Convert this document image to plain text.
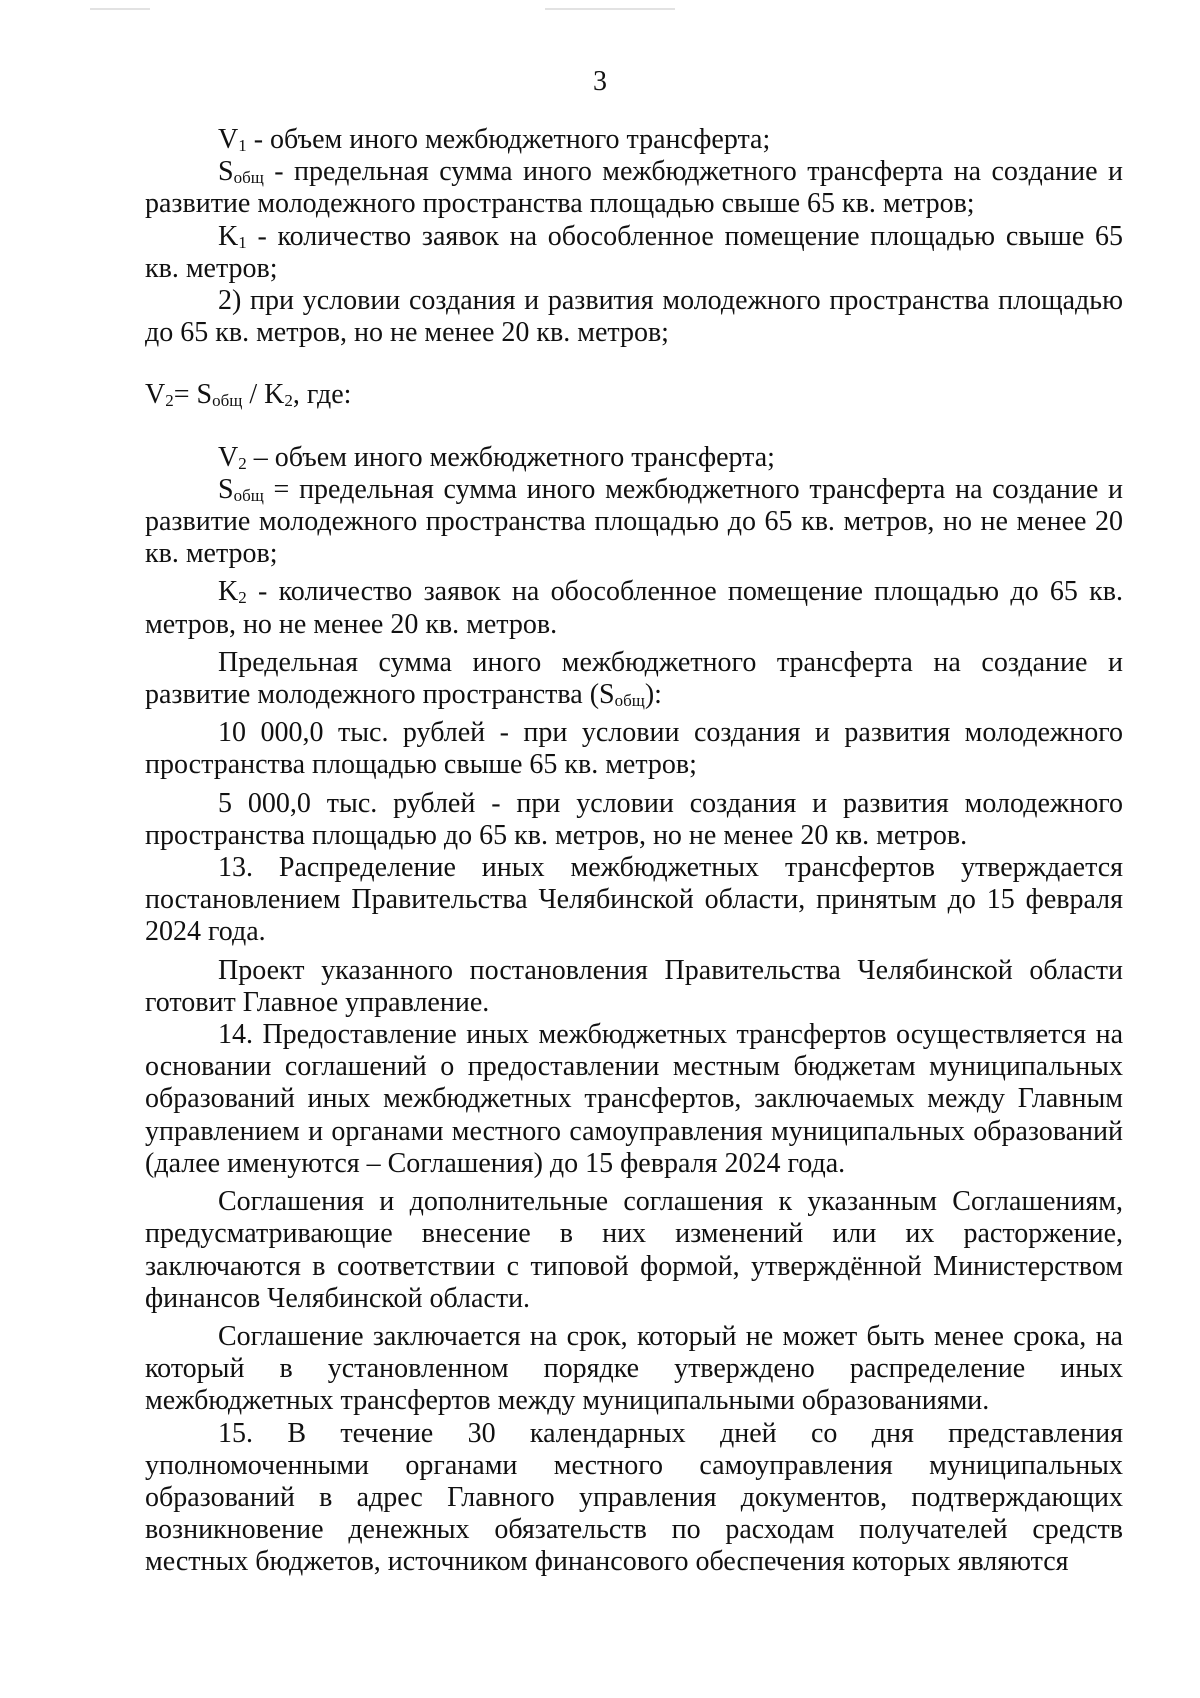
3

$V_1$ - объем иного межбюджетного трансферта;

$S_{общ}$ - предельная сумма иного межбюджетного трансферта на создание и развитие молодежного пространства площадью свыше 65 кв. метров;

$K_1$ - количество заявок на обособленное помещение площадью свыше 65 кв. метров;

2) при условии создания и развития молодежного пространства площадью до 65 кв. метров, но не менее 20 кв. метров;

$V_2= S_{общ} / K_2$, где:

$V_2$ – объем иного межбюджетного трансферта;

$S_{общ}$ = предельная сумма иного межбюджетного трансферта на создание и развитие молодежного пространства площадью до 65 кв. метров, но не менее 20 кв. метров;

$K_2$ - количество заявок на обособленное помещение площадью до 65 кв. метров, но не менее 20 кв. метров.

Предельная сумма иного межбюджетного трансферта на создание и развитие молодежного пространства $(S_{общ})$:

10 000,0 тыс. рублей - при условии создания и развития молодежного пространства площадью свыше 65 кв. метров;

5 000,0 тыс. рублей - при условии создания и развития молодежного пространства площадью до 65 кв. метров, но не менее 20 кв. метров.

13. Распределение иных межбюджетных трансфертов утверждается постановлением Правительства Челябинской области, принятым до 15 февраля 2024 года.

Проект указанного постановления Правительства Челябинской области готовит Главное управление.

14. Предоставление иных межбюджетных трансфертов осуществляется на основании соглашений о предоставлении местным бюджетам муниципальных образований иных межбюджетных трансфертов, заключаемых между Главным управлением и органами местного самоуправления муниципальных образований (далее именуются – Соглашения) до 15 февраля 2024 года.

Соглашения и дополнительные соглашения к указанным Соглашениям, предусматривающие внесение в них изменений или их расторжение, заключаются в соответствии с типовой формой, утверждённой Министерством финансов Челябинской области.

Соглашение заключается на срок, который не может быть менее срока, на который в установленном порядке утверждено распределение иных межбюджетных трансфертов между муниципальными образованиями.

15. В течение 30 календарных дней со дня представления уполномоченными органами местного самоуправления муниципальных образований в адрес Главного управления документов, подтверждающих возникновение денежных обязательств по расходам получателей средств местных бюджетов, источником финансового обеспечения которых являются
